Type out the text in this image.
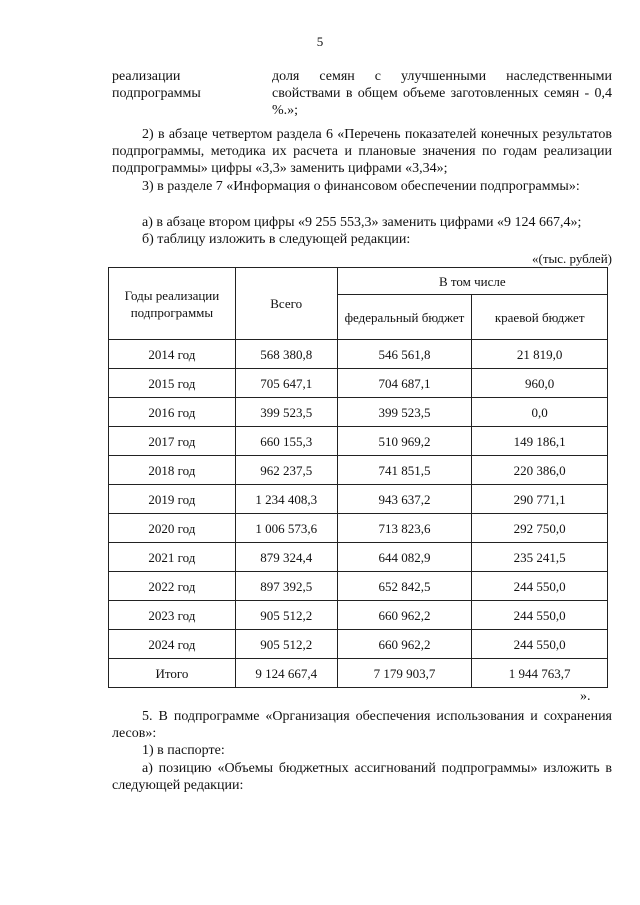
5
реализации подпрограммы
доля семян с улучшенными наследственными свойствами в общем объеме заготовленных семян - 0,4 %.»;
2) в абзаце четвертом раздела 6 «Перечень показателей конечных результатов подпрограммы, методика их расчета и плановые значения по годам реализации подпрограммы» цифры «3,3» заменить цифрами «3,34»;
3) в разделе 7 «Информация о финансовом обеспечении подпрограммы»:
а) в абзаце втором цифры «9 255 553,3» заменить цифрами «9 124 667,4»;
б) таблицу изложить в следующей редакции:
«(тыс. рублей)
Годы реализации подпрограммы	Всего	В том числе	
		федеральный бюджет	краевой бюджет
2014 год	568 380,8	546 561,8	21 819,0
2015 год	705 647,1	704 687,1	960,0
2016 год	399 523,5	399 523,5	0,0
2017 год	660 155,3	510 969,2	149 186,1
2018 год	962 237,5	741 851,5	220 386,0
2019 год	1 234 408,3	943 637,2	290 771,1
2020 год	1 006 573,6	713 823,6	292 750,0
2021 год	879 324,4	644 082,9	235 241,5
2022 год	897 392,5	652 842,5	244 550,0
2023 год	905 512,2	660 962,2	244 550,0
2024 год	905 512,2	660 962,2	244 550,0
Итого	9 124 667,4	7 179 903,7	1 944 763,7
».
5. В подпрограмме «Организация обеспечения использования и сохранения лесов»:
1) в паспорте:
а) позицию «Объемы бюджетных ассигнований подпрограммы» изложить в следующей редакции:
